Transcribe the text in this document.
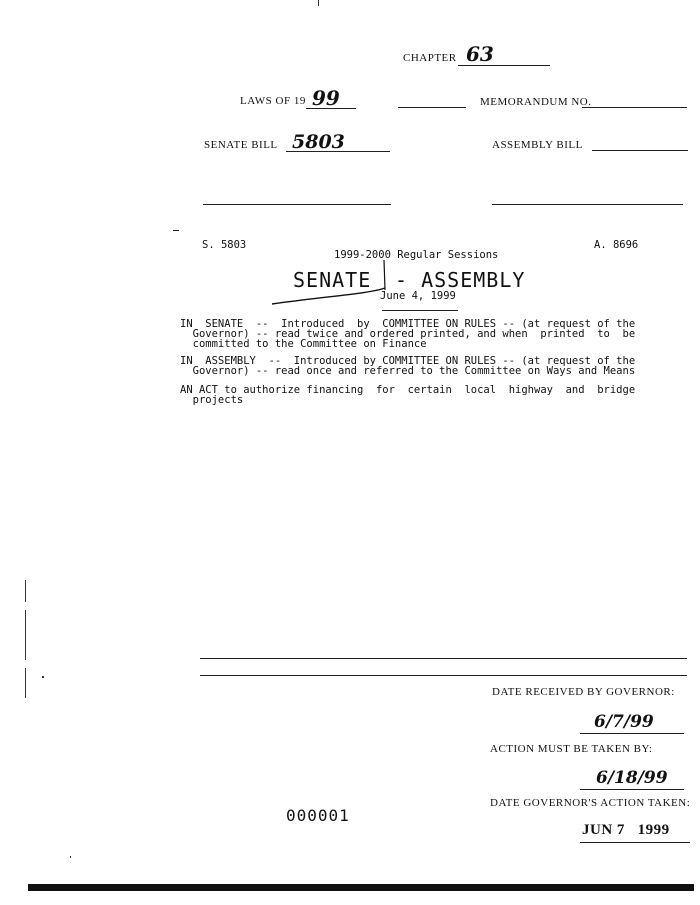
CHAPTER 63
LAWS OF 19 99	MEMORANDUM NO.
SENATE BILL 5803	ASSEMBLY BILL
S. 5803	A. 8696
1999-2000 Regular Sessions
SENATE - ASSEMBLY
June 4, 1999
IN  SENATE  --  Introduced  by  COMMITTEE ON RULES -- (at request of the
Governor) -- read twice and ordered printed, and when  printed  to  be
committed to the Committee on Finance
IN  ASSEMBLY  --  Introduced by COMMITTEE ON RULES -- (at request of the
Governor) -- read once and referred to the Committee on Ways and Means
AN ACT to authorize financing  for  certain  local  highway  and  bridge
projects
DATE RECEIVED BY GOVERNOR:
6/7/99
ACTION MUST BE TAKEN BY:
6/18/99
DATE GOVERNOR'S ACTION TAKEN:
000001
JUN 7   1999
